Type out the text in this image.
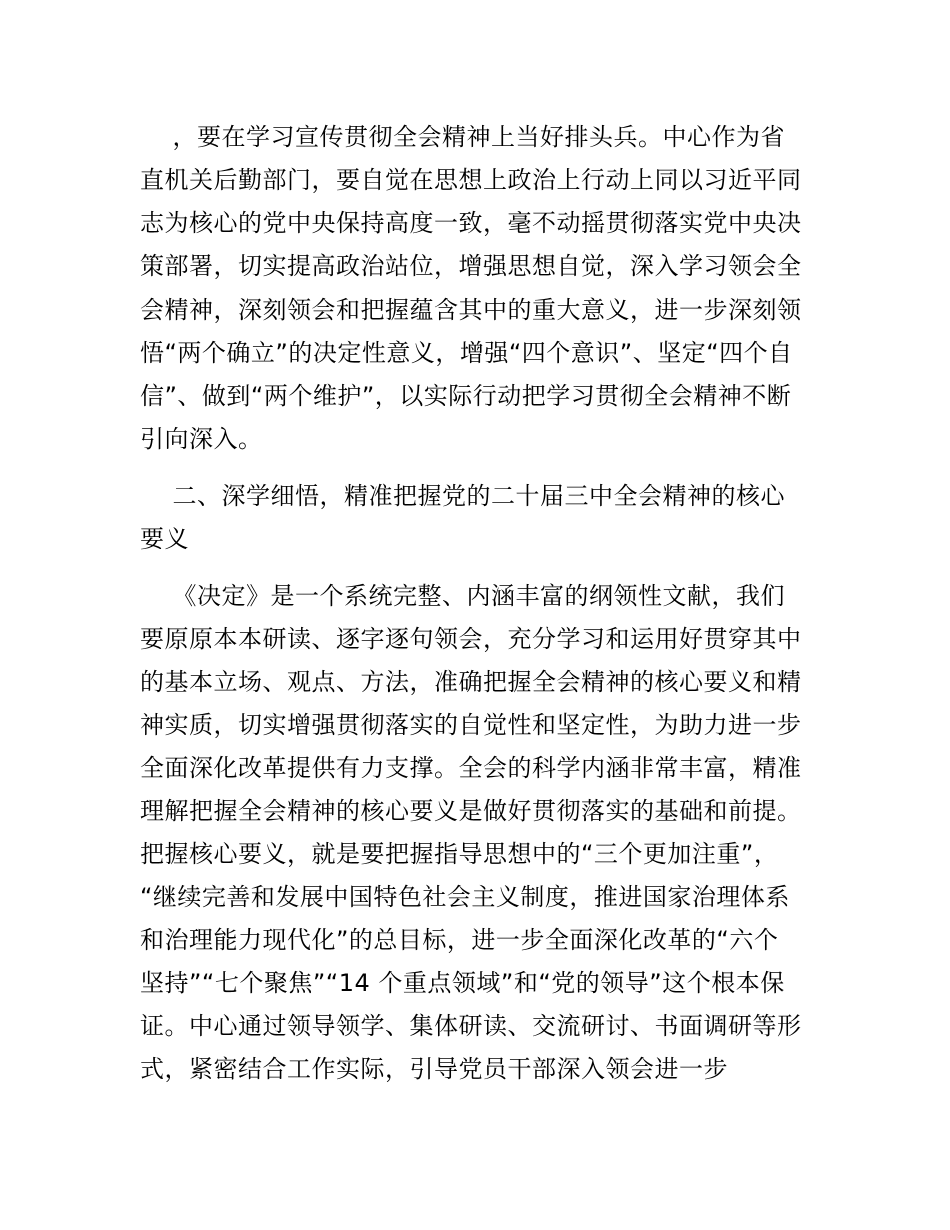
，要在学习宣传贯彻全会精神上当好排头兵。中心作为省
直机关后勤部门，要自觉在思想上政治上行动上同以习近平同
志为核心的党中央保持高度一致，毫不动摇贯彻落实党中央决
策部署，切实提高政治站位，增强思想自觉，深入学习领会全
会精神，深刻领会和把握蕴含其中的重大意义，进一步深刻领
悟“两个确立”的决定性意义，增强“四个意识”、坚定“四个自
信”、做到“两个维护”，以实际行动把学习贯彻全会精神不断
引向深入。
二、深学细悟，精准把握党的二十届三中全会精神的核心
要义
《决定》是一个系统完整、内涵丰富的纲领性文献，我们
要原原本本研读、逐字逐句领会，充分学习和运用好贯穿其中
的基本立场、观点、方法，准确把握全会精神的核心要义和精
神实质，切实增强贯彻落实的自觉性和坚定性，为助力进一步
全面深化改革提供有力支撑。全会的科学内涵非常丰富，精准
理解把握全会精神的核心要义是做好贯彻落实的基础和前提。
把握核心要义，就是要把握指导思想中的“三个更加注重”，
“继续完善和发展中国特色社会主义制度，推进国家治理体系
和治理能力现代化”的总目标，进一步全面深化改革的“六个
坚持”“七个聚焦”“14 个重点领域”和“党的领导”这个根本保
证。中心通过领导领学、集体研读、交流研讨、书面调研等形
式，紧密结合工作实际，引导党员干部深入领会进一步
